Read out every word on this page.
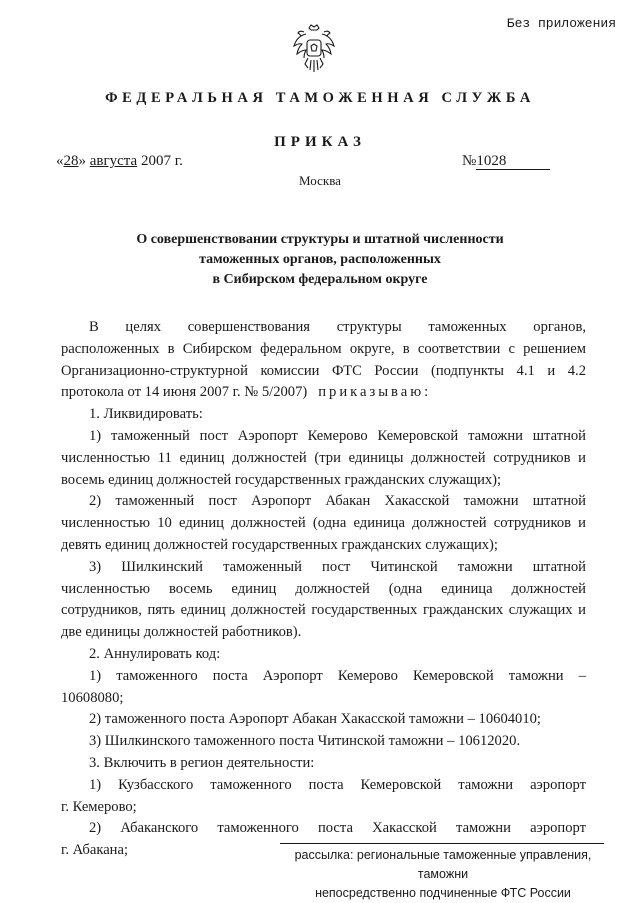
Без приложения
ФЕДЕРАЛЬНАЯ ТАМОЖЕННАЯ СЛУЖБА
ПРИКАЗ
«28» августа 2007 г.	№1028
Москва
О совершенствовании структуры и штатной численности
таможенных органов, расположенных
в Сибирском федеральном округе

В целях совершенствования структуры таможенных органов,

расположенных в Сибирском федеральном округе, в соответствии с решением

Организационно-структурной комиссии ФТС России (подпункты 4.1 и 4.2

протокола от 14 июня 2007 г. № 5/2007) приказываю:

1. Ликвидировать:

1) таможенный пост Аэропорт Кемерово Кемеровской таможни штатной

численностью 11 единиц должностей (три единицы должностей сотрудников и

восемь единиц должностей государственных гражданских служащих);

2) таможенный пост Аэропорт Абакан Хакасской таможни штатной

численностью 10 единиц должностей (одна единица должностей сотрудников и

девять единиц должностей государственных гражданских служащих);

3) Шилкинский таможенный пост Читинской таможни штатной

численностью восемь единиц должностей (одна единица должностей

сотрудников, пять единиц должностей государственных гражданских служащих и

две единицы должностей работников).

2. Аннулировать код:

1) таможенного поста Аэропорт Кемерово Кемеровской таможни –

10608080;

2) таможенного поста Аэропорт Абакан Хакасской таможни – 10604010;

3) Шилкинского таможенного поста Читинской таможни – 10612020.

3. Включить в регион деятельности:

1) Кузбасского таможенного поста Кемеровской таможни аэропорт

г. Кемерово;

2) Абаканского таможенного поста Хакасской таможни аэропорт

г. Абакана;	рассылка: региональные таможенные управления, таможни
непосредственно подчиненные ФТС России
